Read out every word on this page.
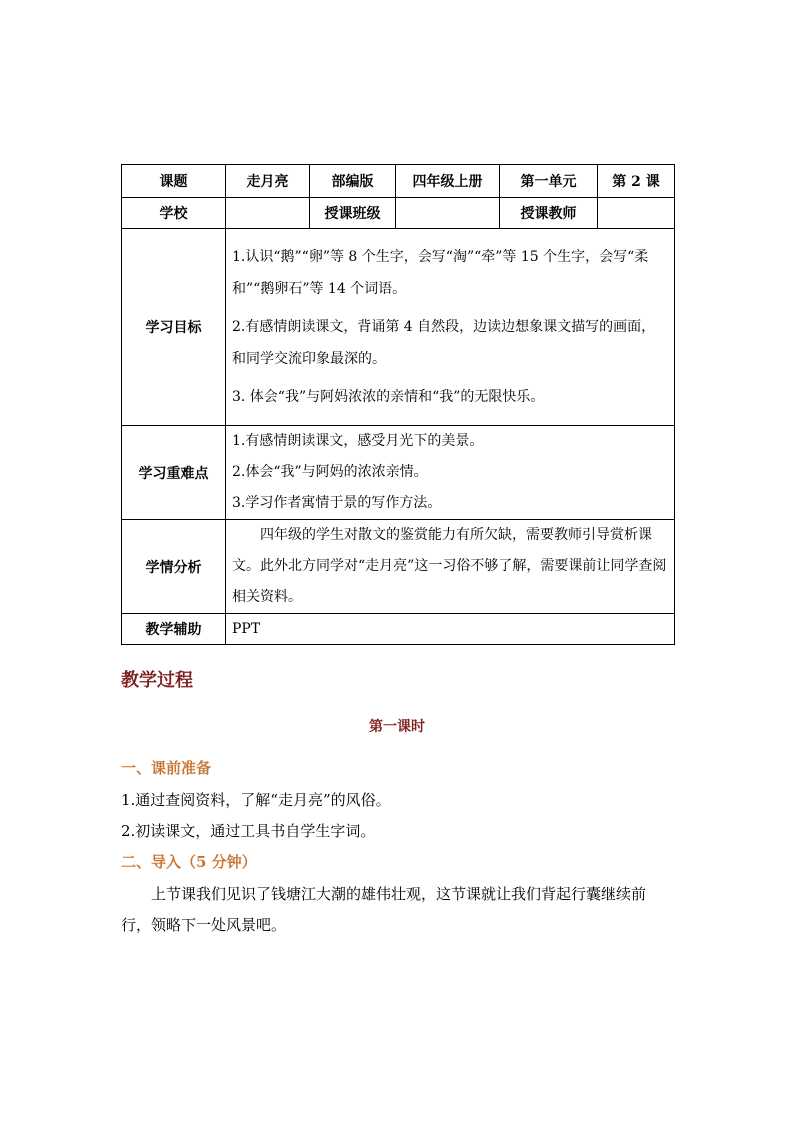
课题	走月亮	部编版	四年级上册	第一单元	第 2 课
学校		授课班级		授课教师	
学习目标	1.认识“鹅”“卵”等 8 个生字，会写“淘”“牵”等 15 个生字，会写“柔和”“鹅卵石”等 14 个词语。

2.有感情朗读课文，背诵第 4 自然段，边读边想象课文描写的画面，和同学交流印象最深的。

3. 体会“我”与阿妈浓浓的亲情和“我”的无限快乐。				

学习重难点	1.有感情朗读课文，感受月光下的美景。

2.体会“我”与阿妈的浓浓亲情。

3.学习作者寓情于景的写作方法。				

学情分析	四年级的学生对散文的鉴赏能力有所欠缺，需要教师引导赏析课文。此外北方同学对“走月亮”这一习俗不够了解，需要课前让同学查阅相关资料。				

教学辅助	PPT				

教学过程

第一课时

一、课前准备

1.通过查阅资料，了解“走月亮”的风俗。

2.初读课文，通过工具书自学生字词。

二、导入（5 分钟）

上节课我们见识了钱塘江大潮的雄伟壮观，这节课就让我们背起行囊继续前行，领略下一处风景吧。
